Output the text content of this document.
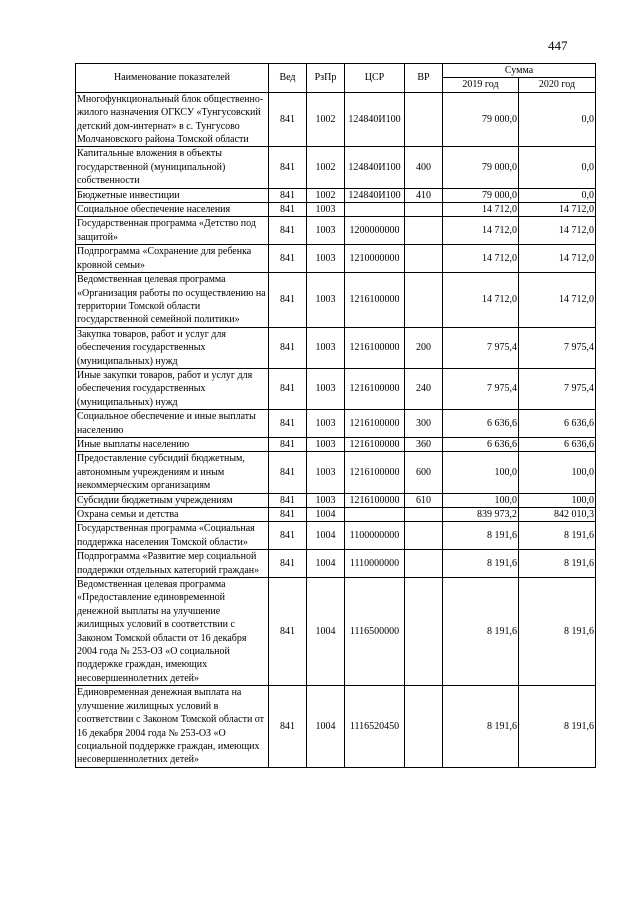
447
Наименование показателей	Вед	РзПр	ЦСР	ВР	Сумма	
					2019 год	2020 год
Многофункциональный блок общественно-жилого назначения ОГКСУ «Тунгусовский детский дом-интернат» в с. Тунгусово Молчановского района Томской области	841	1002	124840И100		79 000,0	0,0
Капитальные вложения в объекты государственной (муниципальной) собственности	841	1002	124840И100	400	79 000,0	0,0
Бюджетные инвестиции	841	1002	124840И100	410	79 000,0	0,0
Социальное обеспечение населения	841	1003			14 712,0	14 712,0
Государственная программа «Детство под защитой»	841	1003	1200000000		14 712,0	14 712,0
Подпрограмма «Сохранение для ребенка кровной семьи»	841	1003	1210000000		14 712,0	14 712,0
Ведомственная целевая программа «Организация работы по осуществлению на территории Томской области государственной семейной политики»	841	1003	1216100000		14 712,0	14 712,0
Закупка товаров, работ и услуг для обеспечения государственных (муниципальных) нужд	841	1003	1216100000	200	7 975,4	7 975,4
Иные закупки товаров, работ и услуг для обеспечения государственных (муниципальных) нужд	841	1003	1216100000	240	7 975,4	7 975,4
Социальное обеспечение и иные выплаты населению	841	1003	1216100000	300	6 636,6	6 636,6
Иные выплаты населению	841	1003	1216100000	360	6 636,6	6 636,6
Предоставление субсидий бюджетным, автономным учреждениям и иным некоммерческим организациям	841	1003	1216100000	600	100,0	100,0
Субсидии бюджетным учреждениям	841	1003	1216100000	610	100,0	100,0
Охрана семьи и детства	841	1004			839 973,2	842 010,3
Государственная программа «Социальная поддержка населения Томской области»	841	1004	1100000000		8 191,6	8 191,6
Подпрограмма «Развитие мер социальной поддержки отдельных категорий граждан»	841	1004	1110000000		8 191,6	8 191,6
Ведомственная целевая программа «Предоставление единовременной денежной выплаты на улучшение жилищных условий в соответствии с Законом Томской области от 16 декабря 2004 года № 253-ОЗ «О социальной поддержке граждан, имеющих несовершеннолетних детей»	841	1004	1116500000		8 191,6	8 191,6
Единовременная денежная выплата на улучшение жилищных условий в соответствии с Законом Томской области от 16 декабря 2004 года № 253-ОЗ «О социальной поддержке граждан, имеющих несовершеннолетних детей»	841	1004	1116520450		8 191,6	8 191,6
